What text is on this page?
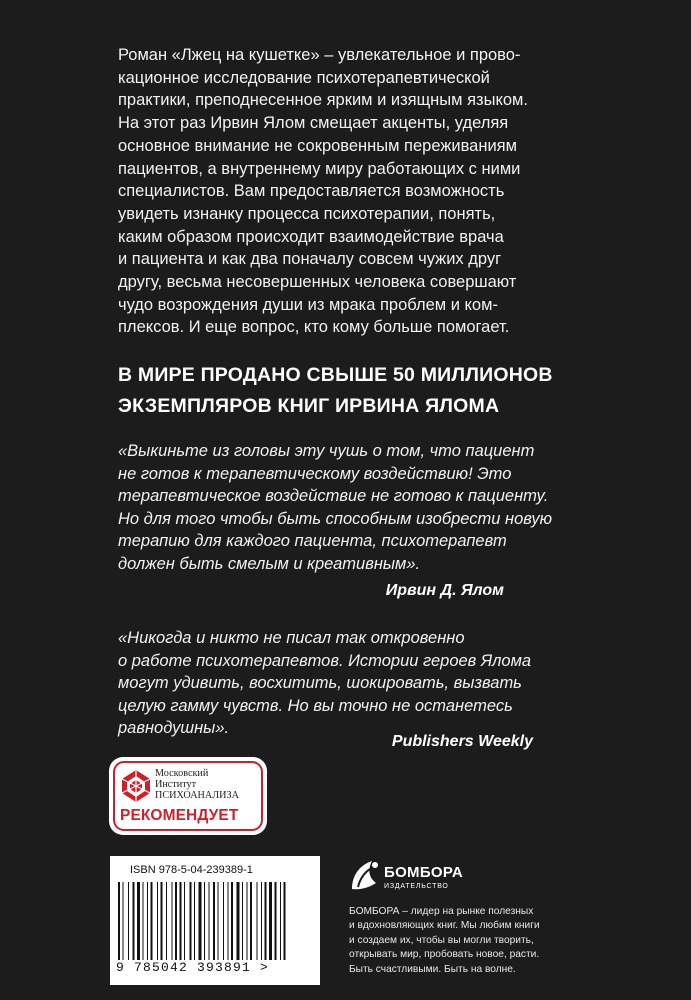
Роман «Лжец на кушетке» – увлекательное и прово-
кационное исследование психотерапевтической
практики, преподнесенное ярким и изящным языком.
На этот раз Ирвин Ялом смещает акценты, уделяя
основное внимание не сокровенным переживаниям
пациентов, а внутреннему миру работающих с ними
специалистов. Вам предоставляется возможность
увидеть изнанку процесса психотерапии, понять,
каким образом происходит взаимодействие врача
и пациента и как два поначалу совсем чужих друг
другу, весьма несовершенных человека совершают
чудо возрождения души из мрака проблем и ком-
плексов. И еще вопрос, кто кому больше помогает.

В МИРЕ ПРОДАНО СВЫШЕ 50 МИЛЛИОНОВ
ЭКЗЕМПЛЯРОВ КНИГ ИРВИНА ЯЛОМА

«Выкиньте из головы эту чушь о том, что пациент
не готов к терапевтическому воздействию! Это
терапевтическое воздействие не готово к пациенту.
Но для того чтобы быть способным изобрести новую
терапию для каждого пациента, психотерапевт
должен быть смелым и креативным».

Ирвин Д. Ялом

«Никогда и никто не писал так откровенно
о работе психотерапевтов. Истории героев Ялома
могут удивить, восхитить, шокировать, вызвать
целую гамму чувств. Но вы точно не останетесь
равнодушны».

Publishers Weekly
Московский
Институт
ПСИХОАНАЛИЗА
РЕКОМЕНДУЕТ
ISBN 978-5-04-239389-1
9 785042 393891 >
БОМБОРА
ИЗДАТЕЛЬСТВО
БОМБОРА – лидер на рынке полезных
и вдохновляющих книг. Мы любим книги
и создаем их, чтобы вы могли творить,
открывать мир, пробовать новое, расти.
Быть счастливыми. Быть на волне.
